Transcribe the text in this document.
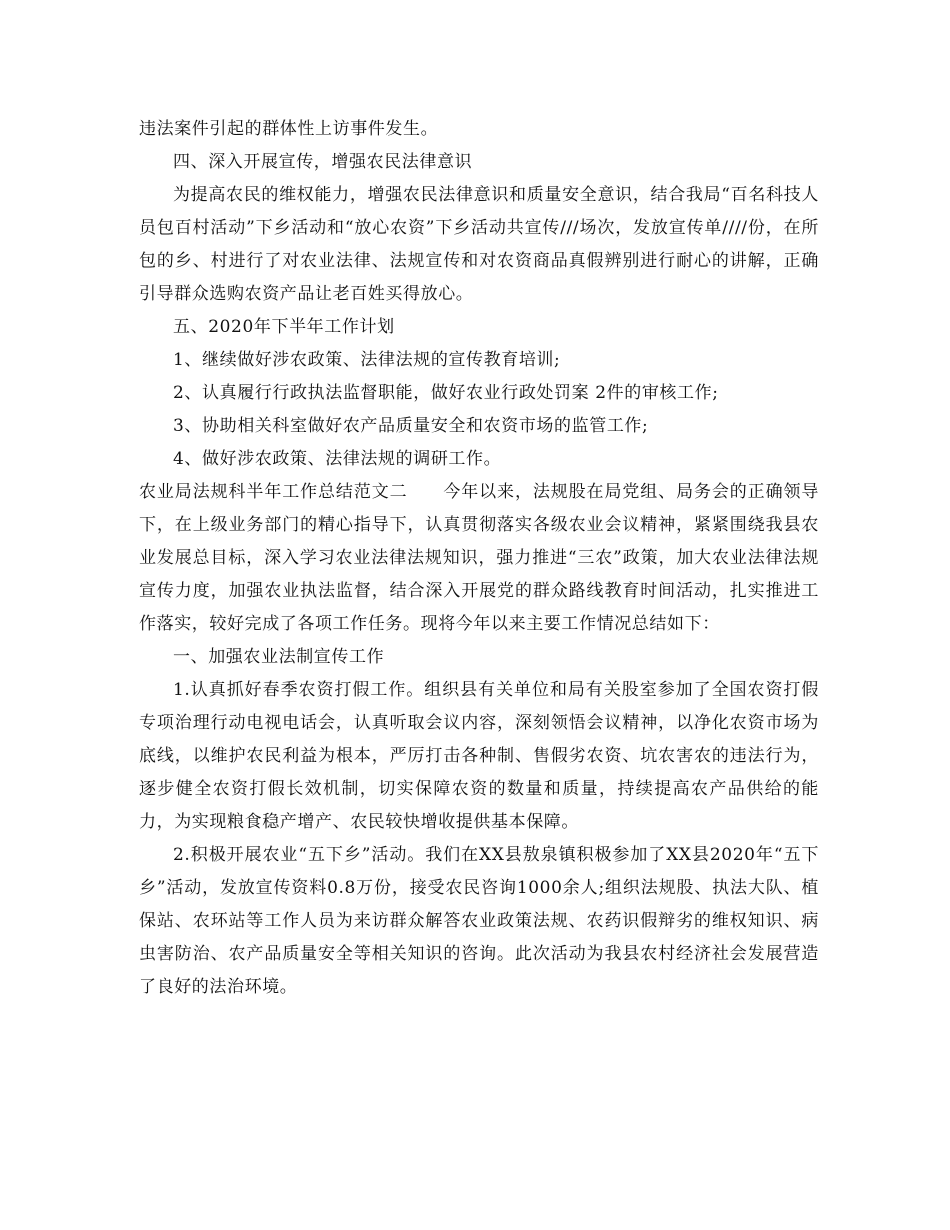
违法案件引起的群体性上访事件发生。

四、深入开展宣传，增强农民法律意识

为提高农民的维权能力，增强农民法律意识和质量安全意识，结合我局“百名科技人员包百村活动”下乡活动和“放心农资”下乡活动共宣传///场次，发放宣传单////份，在所包的乡、村进行了对农业法律、法规宣传和对农资商品真假辨别进行耐心的讲解，正确引导群众选购农资产品让老百姓买得放心。

五、2020年下半年工作计划

1、继续做好涉农政策、法律法规的宣传教育培训;

2、认真履行行政执法监督职能，做好农业行政处罚案 2件的审核工作;

3、协助相关科室做好农产品质量安全和农资市场的监管工作;

4、做好涉农政策、法律法规的调研工作。

农业局法规科半年工作总结范文二　　今年以来，法规股在局党组、局务会的正确领导下，在上级业务部门的精心指导下，认真贯彻落实各级农业会议精神，紧紧围绕我县农业发展总目标，深入学习农业法律法规知识，强力推进“三农”政策，加大农业法律法规宣传力度，加强农业执法监督，结合深入开展党的群众路线教育时间活动，扎实推进工作落实，较好完成了各项工作任务。现将今年以来主要工作情况总结如下：

一、加强农业法制宣传工作

1.认真抓好春季农资打假工作。组织县有关单位和局有关股室参加了全国农资打假专项治理行动电视电话会，认真听取会议内容，深刻领悟会议精神，以净化农资市场为底线，以维护农民利益为根本，严厉打击各种制、售假劣农资、坑农害农的违法行为，逐步健全农资打假长效机制，切实保障农资的数量和质量，持续提高农产品供给的能力，为实现粮食稳产增产、农民较快增收提供基本保障。

2.积极开展农业“五下乡”活动。我们在XX县敖泉镇积极参加了XX县2020年“五下乡”活动，发放宣传资料0.8万份，接受农民咨询1000余人;组织法规股、执法大队、植保站、农环站等工作人员为来访群众解答农业政策法规、农药识假辩劣的维权知识、病虫害防治、农产品质量安全等相关知识的咨询。此次活动为我县农村经济社会发展营造了良好的法治环境。
